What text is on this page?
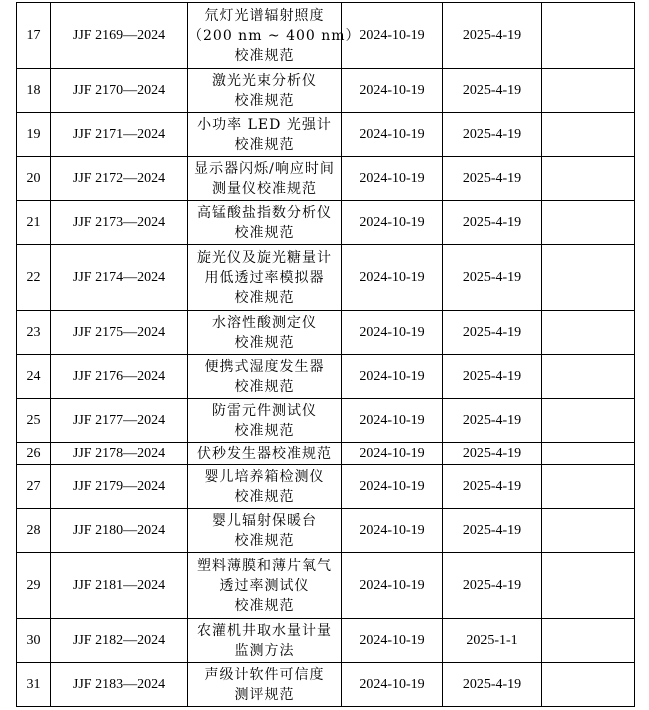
17	JJF 2169—2024	氘灯光谱辐射照度
（200 nm ~ 400 nm）
校准规范	2024-10-19	2025-4-19	
18	JJF 2170—2024	激光光束分析仪
校准规范	2024-10-19	2025-4-19	
19	JJF 2171—2024	小功率 LED 光强计
校准规范	2024-10-19	2025-4-19	
20	JJF 2172—2024	显示器闪烁/响应时间
测量仪校准规范	2024-10-19	2025-4-19	
21	JJF 2173—2024	高锰酸盐指数分析仪
校准规范	2024-10-19	2025-4-19	
22	JJF 2174—2024	旋光仪及旋光糖量计
用低透过率模拟器
校准规范	2024-10-19	2025-4-19	
23	JJF 2175—2024	水溶性酸测定仪
校准规范	2024-10-19	2025-4-19	
24	JJF 2176—2024	便携式湿度发生器
校准规范	2024-10-19	2025-4-19	
25	JJF 2177—2024	防雷元件测试仪
校准规范	2024-10-19	2025-4-19	
26	JJF 2178—2024	伏秒发生器校准规范	2024-10-19	2025-4-19	
27	JJF 2179—2024	婴儿培养箱检测仪
校准规范	2024-10-19	2025-4-19	
28	JJF 2180—2024	婴儿辐射保暖台
校准规范	2024-10-19	2025-4-19	
29	JJF 2181—2024	塑料薄膜和薄片氧气
透过率测试仪
校准规范	2024-10-19	2025-4-19	
30	JJF 2182—2024	农灌机井取水量计量
监测方法	2024-10-19	2025-1-1	
31	JJF 2183—2024	声级计软件可信度
测评规范	2024-10-19	2025-4-19	
